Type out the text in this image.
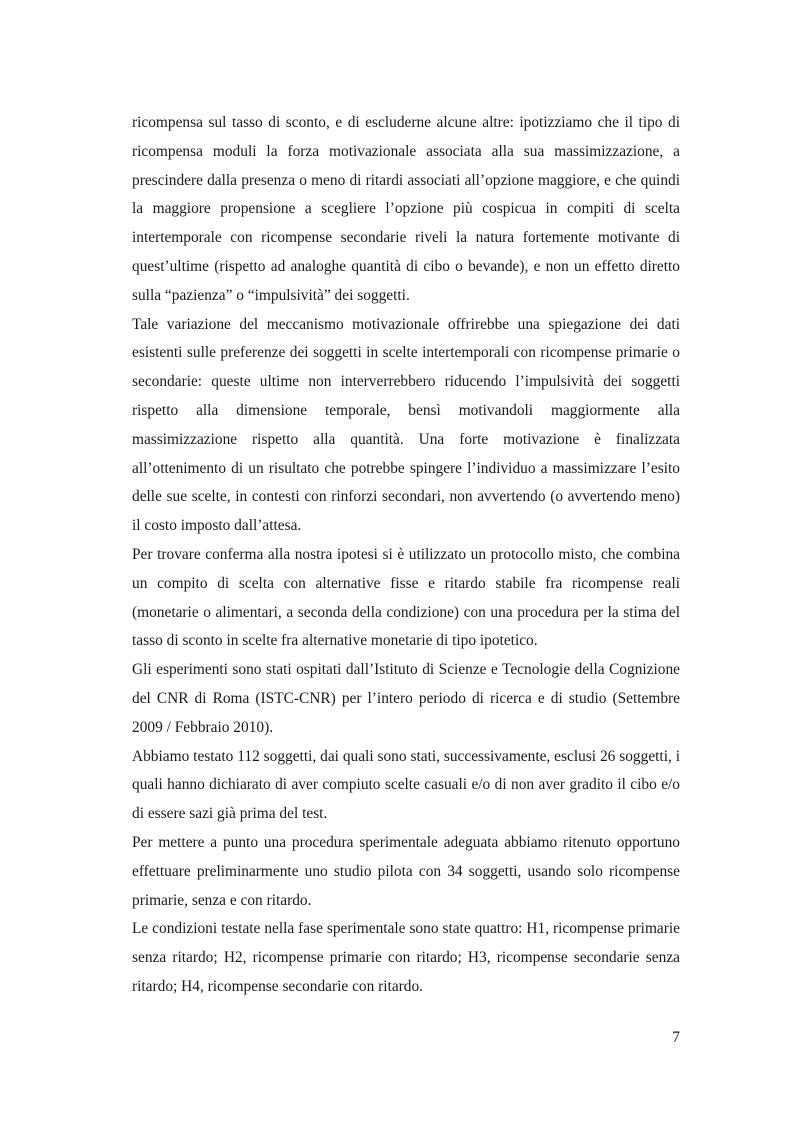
ricompensa sul tasso di sconto, e di escluderne alcune altre: ipotizziamo che il tipo di ricompensa moduli la forza motivazionale associata alla sua massimizzazione, a prescindere dalla presenza o meno di ritardi associati all’opzione maggiore, e che quindi la maggiore propensione a scegliere l’opzione più cospicua in compiti di scelta intertemporale con ricompense secondarie riveli la natura fortemente motivante di quest’ultime (rispetto ad analoghe quantità di cibo o bevande), e non un effetto diretto sulla “pazienza” o “impulsività” dei soggetti.

Tale variazione del meccanismo motivazionale offrirebbe una spiegazione dei dati esistenti sulle preferenze dei soggetti in scelte intertemporali con ricompense primarie o secondarie: queste ultime non interverrebbero riducendo l’impulsività dei soggetti rispetto alla dimensione temporale, bensì motivandoli maggiormente alla massimizzazione rispetto alla quantità. Una forte motivazione è finalizzata all’ottenimento di un risultato che potrebbe spingere l’individuo a massimizzare l’esito delle sue scelte, in contesti con rinforzi secondari, non avvertendo (o avvertendo meno) il costo imposto dall’attesa.

Per trovare conferma alla nostra ipotesi si è utilizzato un protocollo misto, che combina un compito di scelta con alternative fisse e ritardo stabile fra ricompense reali (monetarie o alimentari, a seconda della condizione) con una procedura per la stima del tasso di sconto in scelte fra alternative monetarie di tipo ipotetico.

Gli esperimenti sono stati ospitati dall’Istituto di Scienze e Tecnologie della Cognizione del CNR di Roma (ISTC-CNR) per l’intero periodo di ricerca e di studio (Settembre 2009 / Febbraio 2010).

Abbiamo testato 112 soggetti, dai quali sono stati, successivamente, esclusi 26 soggetti, i quali hanno dichiarato di aver compiuto scelte casuali e/o di non aver gradito il cibo e/o di essere sazi già prima del test.

Per mettere a punto una procedura sperimentale adeguata abbiamo ritenuto opportuno effettuare preliminarmente uno studio pilota con 34 soggetti, usando solo ricompense primarie, senza e con ritardo.

Le condizioni testate nella fase sperimentale sono state quattro: H1, ricompense primarie senza ritardo; H2, ricompense primarie con ritardo; H3, ricompense secondarie senza ritardo; H4, ricompense secondarie con ritardo.

7
